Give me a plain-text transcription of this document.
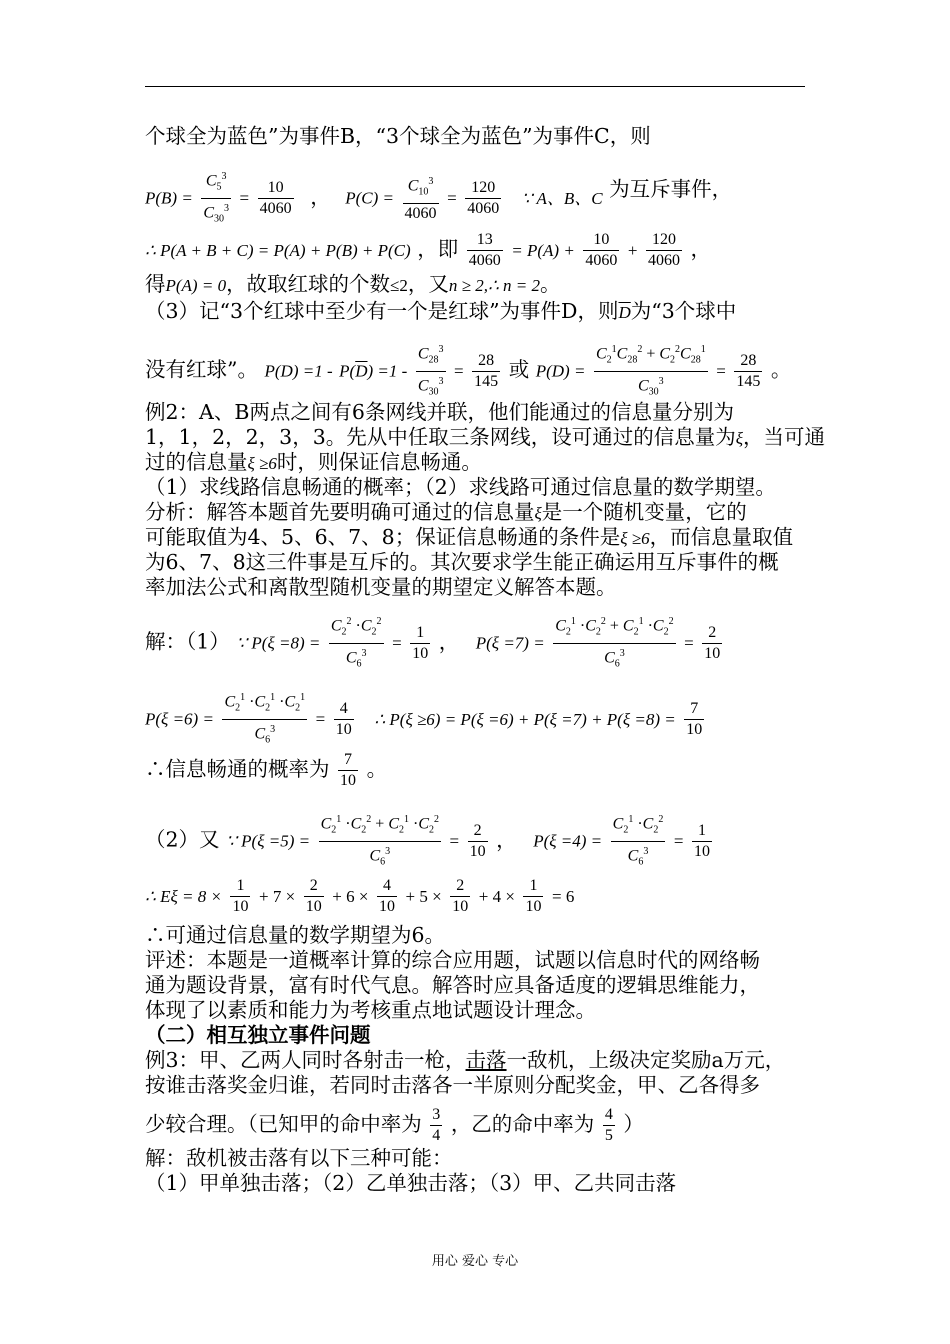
个球全为蓝色”为事件B，“3个球全为蓝色”为事件C，则
$P(B) = \frac{C_5^3}{C_{30}^3} = \frac{10}{4060}$ ， $P(C) = \frac{C_{10}^3}{4060} = \frac{120}{4060}$ ∵ A、B、C 为互斥事件，
∴ P(A + B + C) = P(A) + P(B) + P(C) ，即 $\frac{13}{4060} = P(A) + \frac{10}{4060} + \frac{120}{4060}$ ，
得P(A) = 0，故取红球的个数≤2，又n ≥ 2,∴ n = 2。
（3）记“3个红球中至少有一个是红球”为事件D，则$\overline{D}$为“3个球中
没有红球”。 $P(D) =1 - P(\overline{D}) =1 - \frac{C_{28}^3}{C_{30}^3} = \frac{28}{145}$ 或 $P(D) = \frac{C_2^1C_{28}^2 + C_2^2C_{28}^1}{C_{30}^3} = \frac{28}{145}$ 。
例2：A、B两点之间有6条网线并联，他们能通过的信息量分别为
1，1，2，2，3，3。先从中任取三条网线，设可通过的信息量为ξ，当可通
过的信息量ξ ≥6时，则保证信息畅通。
（1）求线路信息畅通的概率；（2）求线路可通过信息量的数学期望。
分析：解答本题首先要明确可通过的信息量ξ是一个随机变量，它的
可能取值为4、5、6、7、8；保证信息畅通的条件是ξ ≥6，而信息量取值
为6、7、8这三件事是互斥的。其次要求学生能正确运用互斥事件的概
率加法公式和离散型随机变量的期望定义解答本题。
解：（1） ∵ $P(\xi =8) = \frac{C_2^2 \cdot C_2^2}{C_6^3} = \frac{1}{10}$ ， $P(\xi =7) = \frac{C_2^1 \cdot C_2^2 + C_2^1 \cdot C_2^2}{C_6^3} = \frac{2}{10}$
$P(\xi =6) = \frac{C_2^1 \cdot C_2^1 \cdot C_2^1}{C_6^3} = \frac{4}{10}$ ∴ $P(\xi \ge 6) = P(\xi =6) + P(\xi =7) + P(\xi =8) = \frac{7}{10}$
∴信息畅通的概率为 $\frac{7}{10}$ 。
（2）又 ∵ $P(\xi =5) = \frac{C_2^1 \cdot C_2^2 + C_2^1 \cdot C_2^2}{C_6^3} = \frac{2}{10}$ ， $P(\xi =4) = \frac{C_2^1 \cdot C_2^2}{C_6^3} = \frac{1}{10}$
∴ $E\xi = 8 \times \frac{1}{10} + 7 \times \frac{2}{10} + 6 \times \frac{4}{10} + 5 \times \frac{2}{10} + 4 \times \frac{1}{10} = 6$
∴可通过信息量的数学期望为6。
评述：本题是一道概率计算的综合应用题，试题以信息时代的网络畅
通为题设背景，富有时代气息。解答时应具备适度的逻辑思维能力，
体现了以素质和能力为考核重点地试题设计理念。
（二）相互独立事件问题
例3：甲、乙两人同时各射击一枪，击落一敌机，上级决定奖励a万元，
按谁击落奖金归谁，若同时击落各一半原则分配奖金，甲、乙各得多
少较合理。（已知甲的命中率为 $\frac{3}{4}$ ，乙的命中率为 $\frac{4}{5}$ ）
解：敌机被击落有以下三种可能：
（1）甲单独击落；（2）乙单独击落；（3）甲、乙共同击落
用心 爱心 专心
